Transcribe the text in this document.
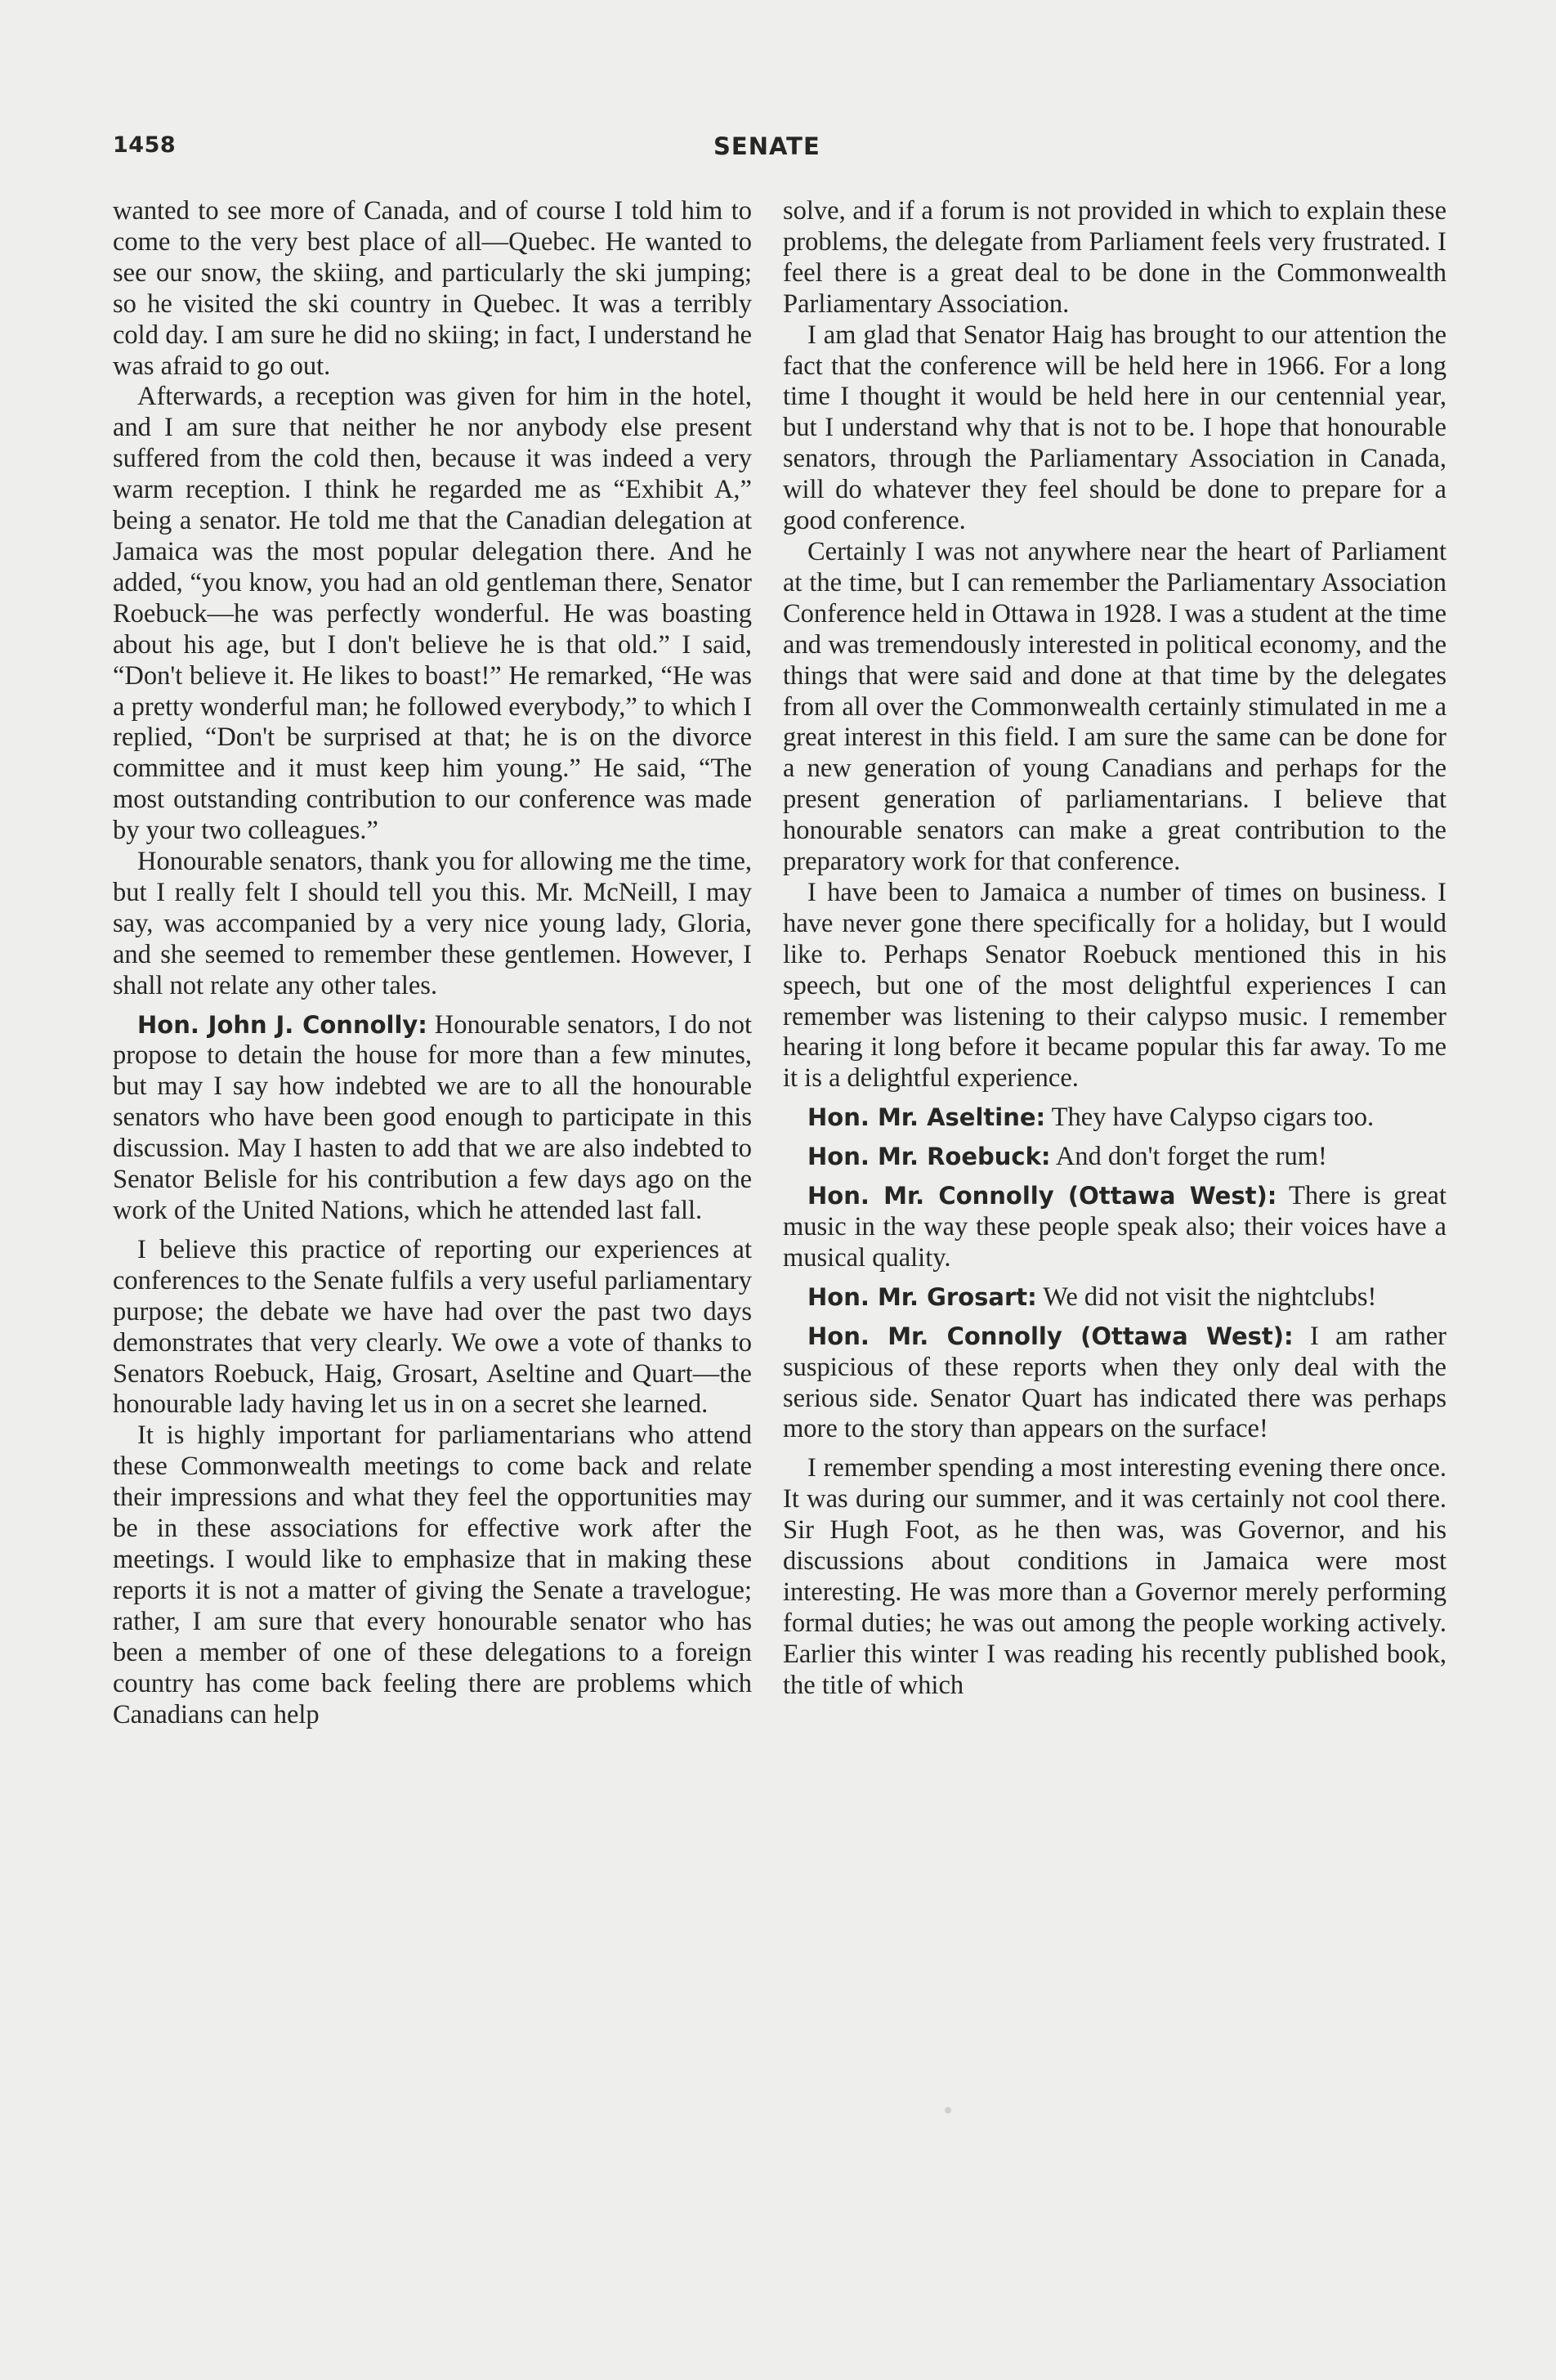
1458	SENATE

wanted to see more of Canada, and of course I told him to come to the very best place of all—Quebec. He wanted to see our snow, the skiing, and particularly the ski jumping; so he visited the ski country in Quebec. It was a terribly cold day. I am sure he did no skiing; in fact, I understand he was afraid to go out.

Afterwards, a reception was given for him in the hotel, and I am sure that neither he nor anybody else present suffered from the cold then, because it was indeed a very warm reception. I think he regarded me as “Exhibit A,” being a senator. He told me that the Canadian delegation at Jamaica was the most popular delegation there. And he added, “you know, you had an old gentleman there, Senator Roebuck—he was perfectly wonderful. He was boasting about his age, but I don't believe he is that old.” I said, “Don't believe it. He likes to boast!” He remarked, “He was a pretty wonderful man; he followed everybody,” to which I replied, “Don't be surprised at that; he is on the divorce committee and it must keep him young.” He said, “The most outstanding contribution to our conference was made by your two colleagues.”

Honourable senators, thank you for allowing me the time, but I really felt I should tell you this. Mr. McNeill, I may say, was accompanied by a very nice young lady, Gloria, and she seemed to remember these gentlemen. However, I shall not relate any other tales.

Hon. John J. Connolly: Honourable senators, I do not propose to detain the house for more than a few minutes, but may I say how indebted we are to all the honourable senators who have been good enough to participate in this discussion. May I hasten to add that we are also indebted to Senator Belisle for his contribution a few days ago on the work of the United Nations, which he attended last fall.

I believe this practice of reporting our experiences at conferences to the Senate fulfils a very useful parliamentary purpose; the debate we have had over the past two days demonstrates that very clearly. We owe a vote of thanks to Senators Roebuck, Haig, Grosart, Aseltine and Quart—the honourable lady having let us in on a secret she learned.

It is highly important for parliamentarians who attend these Commonwealth meetings to come back and relate their impressions and what they feel the opportunities may be in these associations for effective work after the meetings. I would like to emphasize that in making these reports it is not a matter of giving the Senate a travelogue; rather, I am sure that every honourable senator who has been a member of one of these delegations to a foreign country has come back feeling there are problems which Canadians can help

solve, and if a forum is not provided in which to explain these problems, the delegate from Parliament feels very frustrated. I feel there is a great deal to be done in the Commonwealth Parliamentary Association.

I am glad that Senator Haig has brought to our attention the fact that the conference will be held here in 1966. For a long time I thought it would be held here in our centennial year, but I understand why that is not to be. I hope that honourable senators, through the Parliamentary Association in Canada, will do whatever they feel should be done to prepare for a good conference.

Certainly I was not anywhere near the heart of Parliament at the time, but I can remember the Parliamentary Association Conference held in Ottawa in 1928. I was a student at the time and was tremendously interested in political economy, and the things that were said and done at that time by the delegates from all over the Commonwealth certainly stimulated in me a great interest in this field. I am sure the same can be done for a new generation of young Canadians and perhaps for the present generation of parliamentarians. I believe that honourable senators can make a great contribution to the preparatory work for that conference.

I have been to Jamaica a number of times on business. I have never gone there specifically for a holiday, but I would like to. Perhaps Senator Roebuck mentioned this in his speech, but one of the most delightful experiences I can remember was listening to their calypso music. I remember hearing it long before it became popular this far away. To me it is a delightful experience.

Hon. Mr. Aseltine: They have Calypso cigars too.

Hon. Mr. Roebuck: And don't forget the rum!

Hon. Mr. Connolly (Ottawa West): There is great music in the way these people speak also; their voices have a musical quality.

Hon. Mr. Grosart: We did not visit the nightclubs!

Hon. Mr. Connolly (Ottawa West): I am rather suspicious of these reports when they only deal with the serious side. Senator Quart has indicated there was perhaps more to the story than appears on the surface!

I remember spending a most interesting evening there once. It was during our summer, and it was certainly not cool there. Sir Hugh Foot, as he then was, was Governor, and his discussions about conditions in Jamaica were most interesting. He was more than a Governor merely performing formal duties; he was out among the people working actively. Earlier this winter I was reading his recently published book, the title of which
